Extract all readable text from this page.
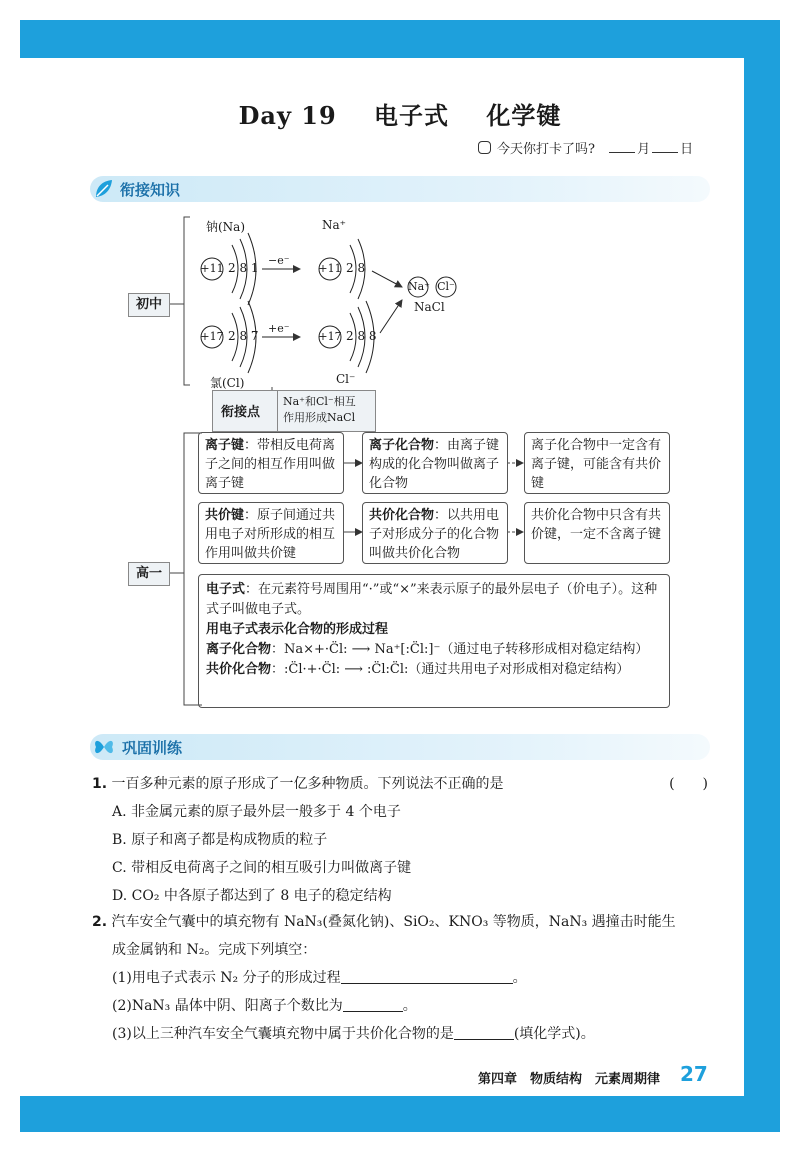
Day 19 电子式 化学键
今天你打卡了吗?	月 日
衔接知识
钠(Na)	Na⁺
+11 2 8 1
−e⁻
+11 2 8
Na⁺ Cl⁻
NaCl
+17 2 8 7
+e⁻
+17 2 8 8
氯(Cl)	Cl⁻
初中
高一
衔接点
Na⁺和Cl⁻相互
作用形成NaCl
离子键：带相反电荷离子之间的相互作用叫做离子键
离子化合物：由离子键构成的化合物叫做离子化合物
离子化合物中一定含有离子键，可能含有共价键
共价键：原子间通过共用电子对所形成的相互作用叫做共价键
共价化合物：以共用电子对形成分子的化合物叫做共价化合物
共价化合物中只含有共价键，一定不含离子键
电子式：在元素符号周围用“·”或“×”来表示原子的最外层电子（价电子）。这种式子叫做电子式。
用电子式表示化合物的形成过程
离子化合物：Na×+·C̈l: ⟶ Na⁺[:C̈l:]⁻（通过电子转移形成相对稳定结构）
共价化合物：:C̈l·+·C̈l: ⟶ :C̈l:C̈l:（通过共用电子对形成相对稳定结构）
巩固训练
1. 一百多种元素的原子形成了一亿多种物质。下列说法不正确的是	(　　)
A. 非金属元素的原子最外层一般多于 4 个电子
B. 原子和离子都是构成物质的粒子
C. 带相反电荷离子之间的相互吸引力叫做离子键
D. CO₂ 中各原子都达到了 8 电子的稳定结构
2. 汽车安全气囊中的填充物有 NaN₃(叠氮化钠)、SiO₂、KNO₃ 等物质，NaN₃ 遇撞击时能生
成金属钠和 N₂。完成下列填空：
(1)用电子式表示 N₂ 分子的形成过程	。
(2)NaN₃ 晶体中阴、阳离子个数比为	。
(3)以上三种汽车安全气囊填充物中属于共价化合物的是	(填化学式)。
第四章　物质结构　元素周期律 27
